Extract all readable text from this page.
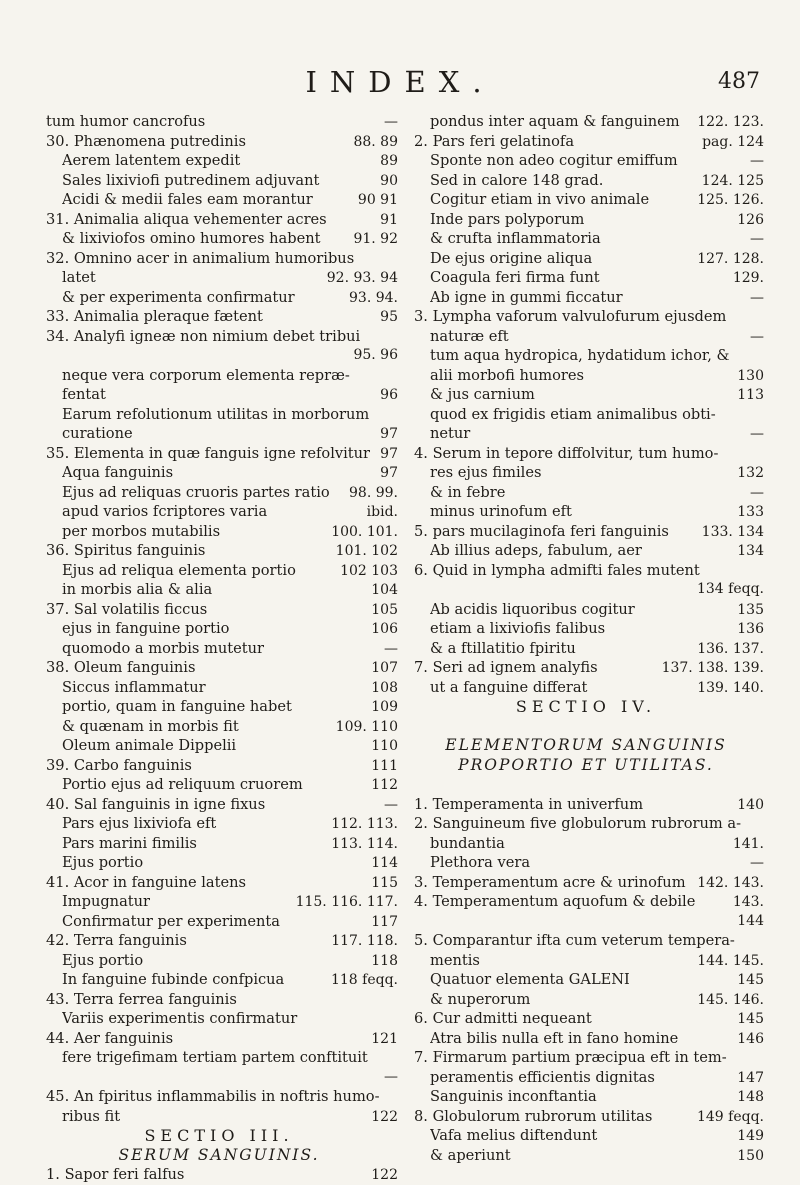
INDEX.	487
tum humor cancrofus	—
30. Phænomena putredinis	88. 89
Aerem latentem expedit	89
Sales lixiviofi putredinem adjuvant	90
Acidi & medii fales eam morantur	90 91
31. Animalia aliqua vehementer acres	91
& lixiviofos omino humores habent	91. 92
32. Omnino acer in animalium humoribus
latet	92. 93. 94
& per experimenta confirmatur	93. 94.
33. Animalia pleraque fætent	95
34. Analyfi igneæ non nimium debet tribui
95. 96
neque vera corporum elementa repræ-
fentat	96
Earum refolutionum utilitas in morborum
curatione	97
35. Elementa in quæ fanguis igne refolvitur 97
Aqua fanguinis	97
Ejus ad reliquas cruoris partes ratio	98. 99.
apud varios fcriptores varia	ibid.
per morbos mutabilis	100. 101.
36. Spiritus fanguinis	101. 102
Ejus ad reliqua elementa portio	102 103
in morbis alia & alia	104
37. Sal volatilis ficcus	105
ejus in fanguine portio	106
quomodo a morbis mutetur	—
38. Oleum fanguinis	107
Siccus inflammatur	108
portio, quam in fanguine habet	109
& quænam in morbis fit	109. 110
Oleum animale Dippelii	110
39. Carbo fanguinis	111
Portio ejus ad reliquum cruorem	112
40. Sal fanguinis in igne fixus	—
Pars ejus lixiviofa eft	112. 113.
Pars marini fimilis	113. 114.
Ejus portio	114
41. Acor in fanguine latens	115
Impugnatur	115. 116. 117.
Confirmatur per experimenta	117
42. Terra fanguinis	117. 118.
Ejus portio	118
In fanguine fubinde confpicua	118 feqq.
43. Terra ferrea fanguinis
Variis experimentis confirmatur
44. Aer fanguinis	121
fere trigefimam tertiam partem conftituit
—
45. An fpiritus inflammabilis in noftris humo-
ribus fit	122
SECTIO III.
SERUM SANGUINIS.
1. Sapor feri falfus	122
pondus inter aquam & fanguinem	122. 123.
2. Pars feri gelatinofa	pag. 124
Sponte non adeo cogitur emiffum	—
Sed in calore 148 grad.	124. 125
Cogitur etiam in vivo animale	125. 126.
Inde pars polyporum	126
& crufta inflammatoria	—
De ejus origine aliqua	127. 128.
Coagula feri firma funt	129.
Ab igne in gummi ficcatur	—
3. Lympha vaforum valvulofurum ejusdem
naturæ eft	—
tum aqua hydropica, hydatidum ichor, &
alii morbofi humores	130
& jus carnium	113
quod ex frigidis etiam animalibus obti-
netur	—
4. Serum in tepore diffolvitur, tum humo-
res ejus fimiles	132
& in febre	—
minus urinofum eft	133
5. pars mucilaginofa feri fanguinis	133. 134
Ab illius adeps, fabulum, aer	134
6. Quid in lympha admifti fales mutent
134 feqq.
Ab acidis liquoribus cogitur	135
etiam a lixiviofis falibus	136
& a ftillatitio fpiritu	136. 137.
7. Seri ad ignem analyfis	137. 138. 139.
ut a fanguine differat	139. 140.
SECTIO IV.
ELEMENTORUM SANGUINIS
PROPORTIO ET UTILITAS.
1. Temperamenta in univerfum	140
2. Sanguineum five globulorum rubrorum a-
bundantia	141.
Plethora vera	—
3. Temperamentum acre & urinofum 142. 143.
4. Temperamentum aquofum & debile	143.
144
5. Comparantur ifta cum veterum tempera-
mentis	144. 145.
Quatuor elementa GALENI	145
& nuperorum	145. 146.
6. Cur admitti nequeant	145
Atra bilis nulla eft in fano homine	146
7. Firmarum partium præcipua eft in tem-
peramentis efficientis dignitas	147
Sanguinis inconftantia	148
8. Globulorum rubrorum utilitas	149 feqq.
Vafa melius diftendunt	149
& aperiunt	150
